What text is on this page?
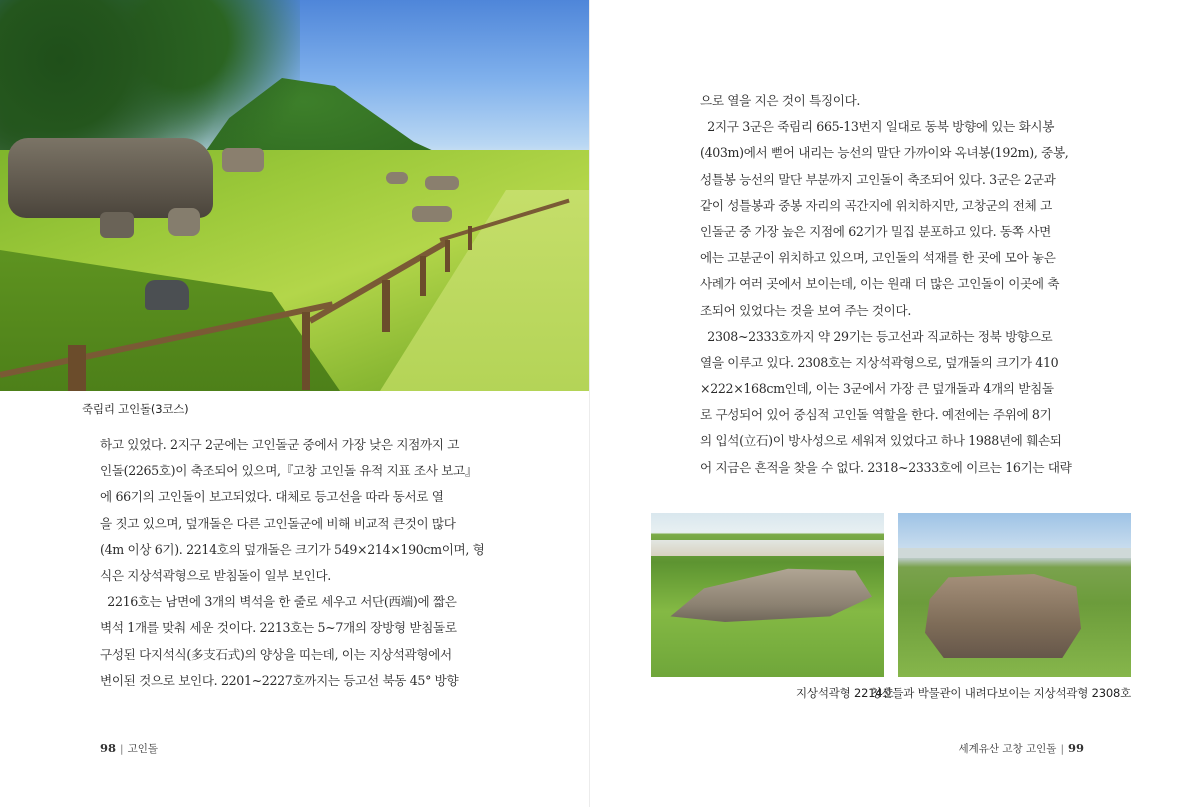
죽림리 고인돌(3코스)
하고 있었다. 2지구 2군에는 고인돌군 중에서 가장 낮은 지점까지 고
인돌(2265호)이 축조되어 있으며,『고창 고인돌 유적 지표 조사 보고』
에 66기의 고인돌이 보고되었다. 대체로 등고선을 따라 동서로 열
을 짓고 있으며, 덮개돌은 다른 고인돌군에 비해 비교적 큰것이 많다
(4m 이상 6기). 2214호의 덮개돌은 크기가 549×214×190cm이며, 형
식은 지상석곽형으로 받침돌이 일부 보인다.
2216호는 남면에 3개의 벽석을 한 줄로 세우고 서단(西端)에 짧은
벽석 1개를 맞춰 세운 것이다. 2213호는 5~7개의 장방형 받침돌로
구성된 다지석식(多支石式)의 양상을 띠는데, 이는 지상석곽형에서
변이된 것으로 보인다. 2201~2227호까지는 등고선 북동 45° 방향
98 | 고인돌
으로 열을 지은 것이 특징이다.
2지구 3군은 죽림리 665-13번지 일대로 동북 방향에 있는 화시봉
(403m)에서 뻗어 내리는 능선의 말단 가까이와 옥녀봉(192m), 중봉,
성틀봉 능선의 말단 부분까지 고인돌이 축조되어 있다. 3군은 2군과
같이 성틀봉과 중봉 자리의 곡간지에 위치하지만, 고창군의 전체 고
인돌군 중 가장 높은 지점에 62기가 밀집 분포하고 있다. 동쪽 사면
에는 고분군이 위치하고 있으며, 고인돌의 석재를 한 곳에 모아 놓은
사례가 여러 곳에서 보이는데, 이는 원래 더 많은 고인돌이 이곳에 축
조되어 있었다는 것을 보여 주는 것이다.
2308~2333호까지 약 29기는 등고선과 직교하는 정북 방향으로
열을 이루고 있다. 2308호는 지상석곽형으로, 덮개돌의 크기가 410
×222×168cm인데, 이는 3군에서 가장 큰 덮개돌과 4개의 받침돌
로 구성되어 있어 중심적 고인돌 역할을 한다. 예전에는 주위에 8기
의 입석(立石)이 방사성으로 세워져 있었다고 하나 1988년에 훼손되
어 지금은 흔적을 찾을 수 없다. 2318~2333호에 이르는 16기는 대략
지상석곽형 2214호
청산들과 박물관이 내려다보이는 지상석곽형 2308호
세계유산 고창 고인돌 | 99
